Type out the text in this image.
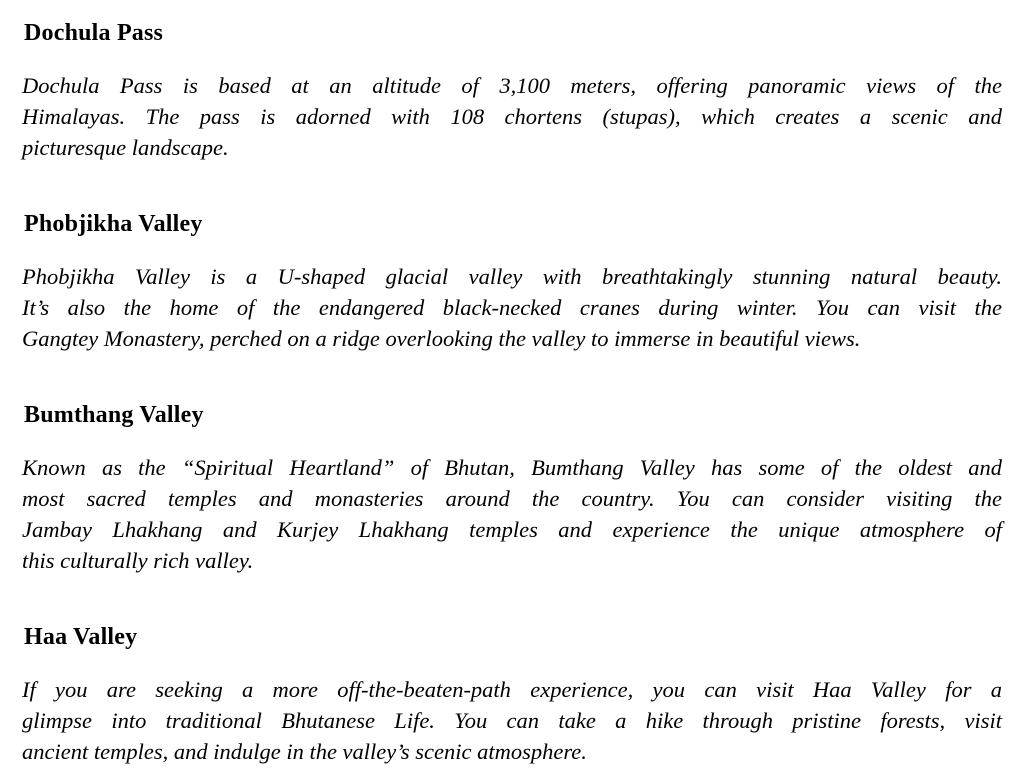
Dochula Pass

Dochula Pass is based at an altitude of 3,100 meters, offering panoramic views of the
Himalayas. The pass is adorned with 108 chortens (stupas), which creates a scenic and
picturesque landscape.

Phobjikha Valley

Phobjikha Valley is a U-shaped glacial valley with breathtakingly stunning natural beauty.
It’s also the home of the endangered black-necked cranes during winter. You can visit the
Gangtey Monastery, perched on a ridge overlooking the valley to immerse in beautiful views.

Bumthang Valley

Known as the “Spiritual Heartland” of Bhutan, Bumthang Valley has some of the oldest and
most sacred temples and monasteries around the country. You can consider visiting the
Jambay Lhakhang and Kurjey Lhakhang temples and experience the unique atmosphere of
this culturally rich valley.

Haa Valley

If you are seeking a more off-the-beaten-path experience, you can visit Haa Valley for a
glimpse into traditional Bhutanese Life. You can take a hike through pristine forests, visit
ancient temples, and indulge in the valley’s scenic atmosphere.
